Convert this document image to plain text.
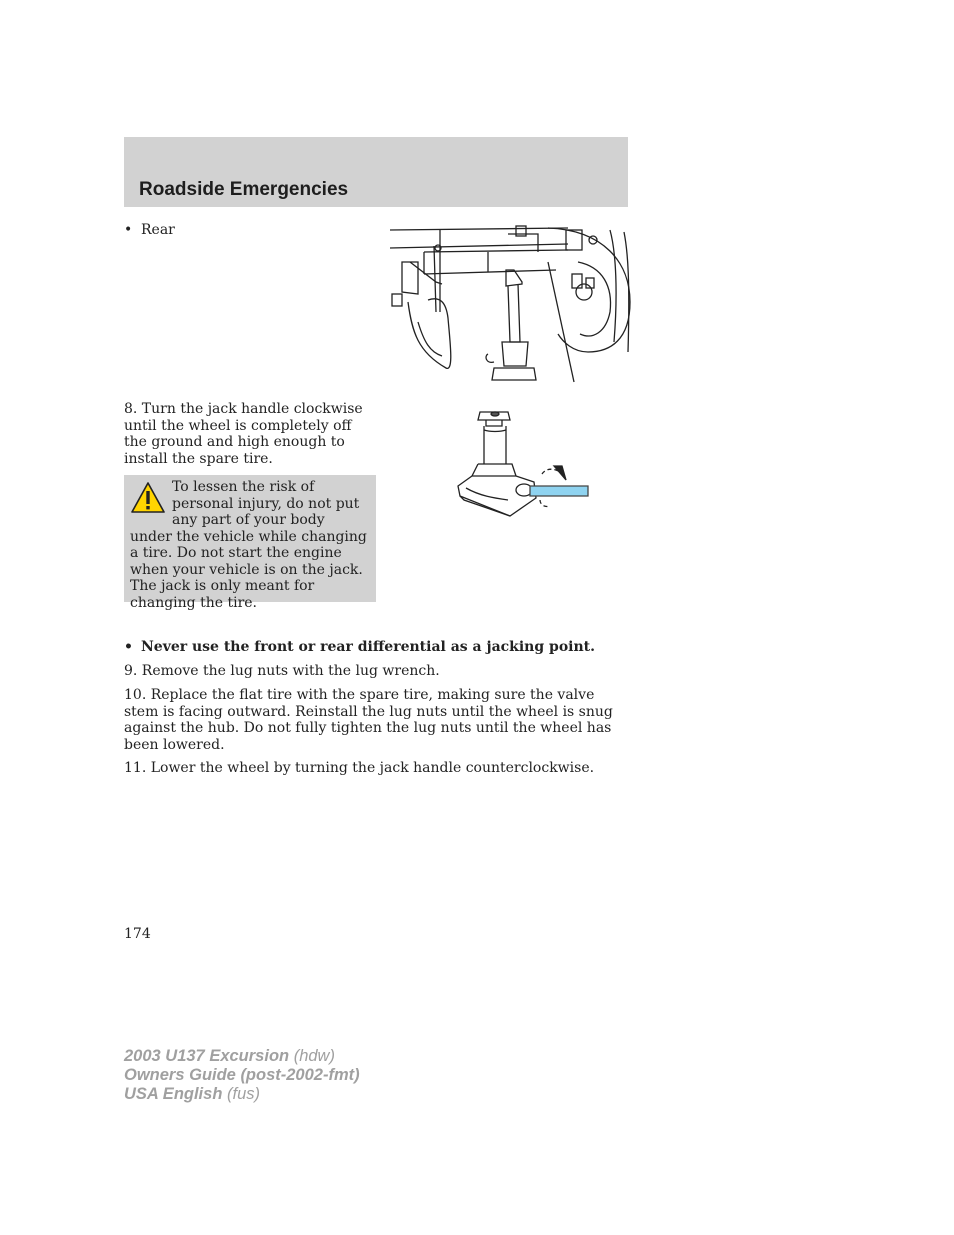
Roadside Emergencies
• Rear
8. Turn the jack handle clockwise until the wheel is completely off the ground and high enough to install the spare tire.
To lessen the risk of personal injury, do not put any part of your body under the vehicle while changing a tire. Do not start the engine when your vehicle is on the jack. The jack is only meant for changing the tire.
• Never use the front or rear differential as a jacking point.
9. Remove the lug nuts with the lug wrench.
10. Replace the flat tire with the spare tire, making sure the valve stem is facing outward. Reinstall the lug nuts until the wheel is snug against the hub. Do not fully tighten the lug nuts until the wheel has been lowered.
11. Lower the wheel by turning the jack handle counterclockwise.
174
2003 U137 Excursion (hdw)
Owners Guide (post-2002-fmt)
USA English (fus)
